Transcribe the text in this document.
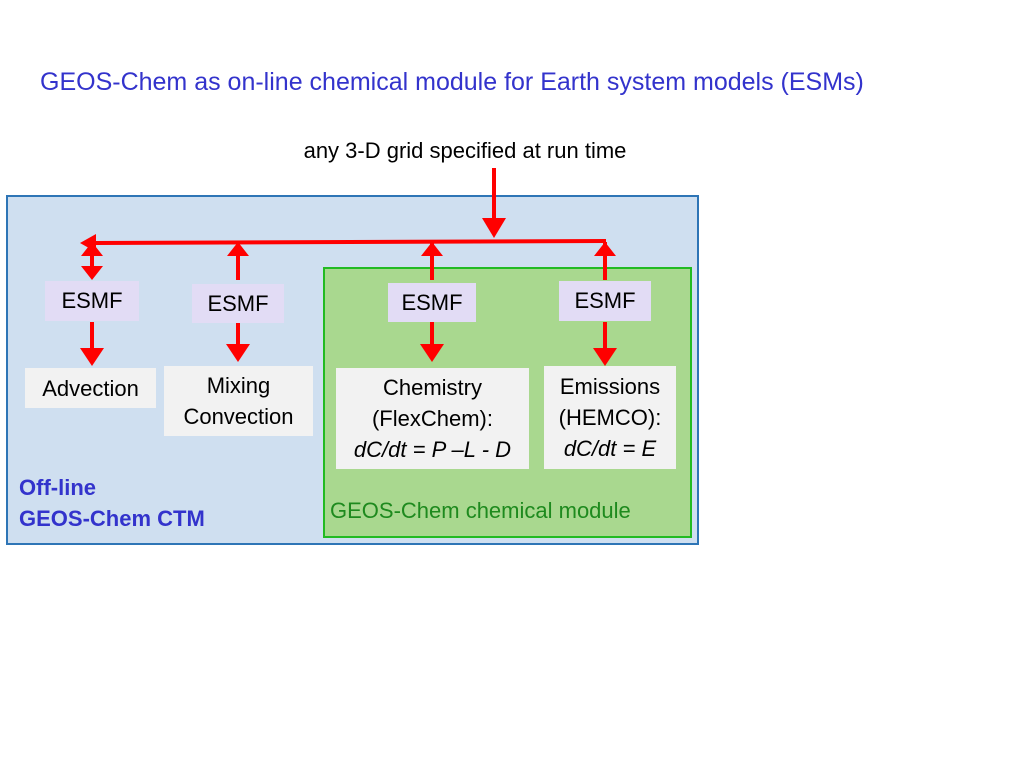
GEOS-Chem as on-line chemical module for Earth system models (ESMs)
any 3-D grid specified at run time
ESMF	ESMF	ESMF	ESMF
Advection	Mixing
Convection
Chemistry
(FlexChem):
dC/dt = P –L - D
Emissions
(HEMCO):
dC/dt = E
Off-line
GEOS-Chem CTM	GEOS-Chem chemical module
